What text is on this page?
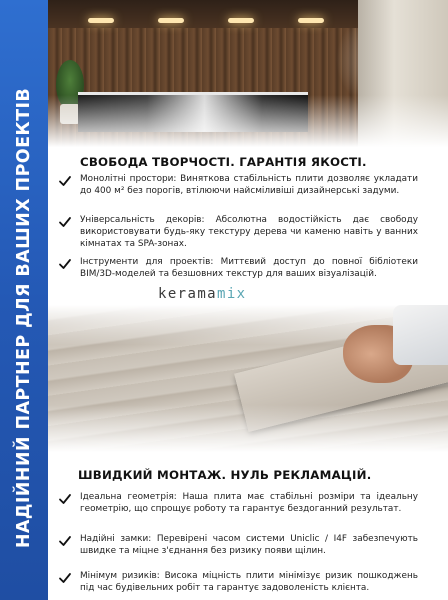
НАДІЙНИЙ ПАРТНЕР ДЛЯ ВАШИХ ПРОЕКТІВ	СВОБОДА ТВОРЧОСТІ. ГАРАНТІЯ ЯКОСТІ.
Монолітні простори: Виняткова стабільність плити дозволяє укладати до 400 м² без порогів, втілюючи найсміливіші дизайнерські задуми.
Універсальність декорів: Абсолютна водостійкість дає свободу використовувати будь-яку текстуру дерева чи каменю навіть у ванних кімнатах та SPA-зонах.
Інструменти для проектів: Миттєвий доступ до повної бібліотеки BIM/3D-моделей та безшовних текстур для ваших візуалізацій.
keramamix
ШВИДКИЙ МОНТАЖ. НУЛЬ РЕКЛАМАЦІЙ.
Ідеальна геометрія: Наша плита має стабільні розміри та ідеальну геометрію, що спрощує роботу та гарантує бездоганний результат.
Надійні замки: Перевірені часом системи Uniclic / I4F забезпечують швидке та міцне з'єднання без ризику появи щілин.
Мінімум ризиків: Висока міцність плити мінімізує ризик пошкоджень під час будівельних робіт та гарантує задоволеність клієнта.
